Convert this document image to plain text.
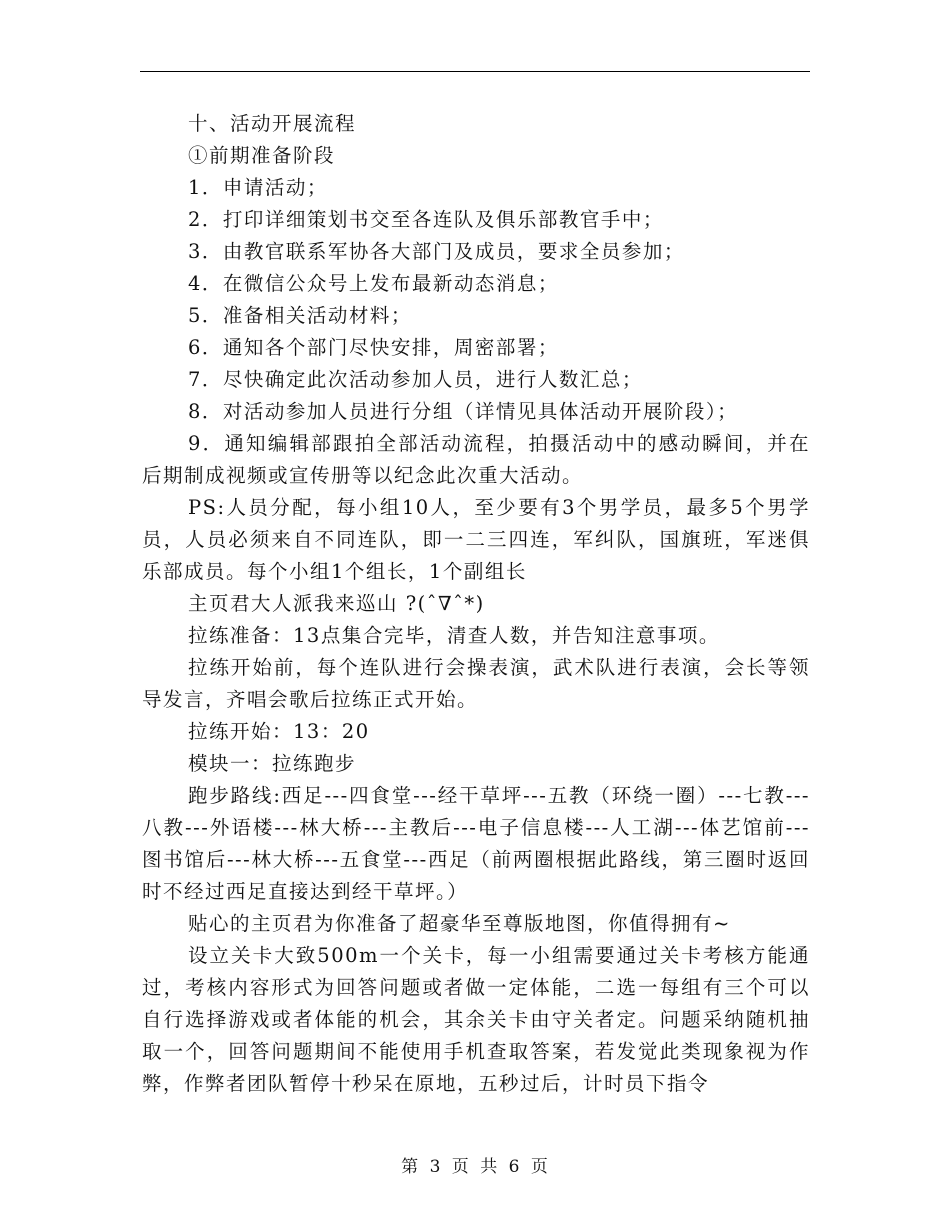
十、活动开展流程

①前期准备阶段

1．申请活动；

2．打印详细策划书交至各连队及俱乐部教官手中；

3．由教官联系军协各大部门及成员，要求全员参加；

4．在微信公众号上发布最新动态消息；

5．准备相关活动材料；

6．通知各个部门尽快安排，周密部署；

7．尽快确定此次活动参加人员，进行人数汇总；

8．对活动参加人员进行分组（详情见具体活动开展阶段）；

9．通知编辑部跟拍全部活动流程，拍摄活动中的感动瞬间，并在后期制成视频或宣传册等以纪念此次重大活动。

PS:人员分配，每小组10人，至少要有3个男学员，最多5个男学员，人员必须来自不同连队，即一二三四连，军纠队，国旗班，军迷俱乐部成员。每个小组1个组长，1个副组长

主页君大人派我来巡山 ?(ˆ∇ˆ*)

拉练准备：13点集合完毕，清查人数，并告知注意事项。

拉练开始前，每个连队进行会操表演，武术队进行表演，会长等领导发言，齐唱会歌后拉练正式开始。

拉练开始：13：20

模块一：拉练跑步

跑步路线:西足---四食堂---经干草坪---五教（环绕一圈）---七教---八教---外语楼---林大桥---主教后---电子信息楼---人工湖---体艺馆前---图书馆后---林大桥---五食堂---西足（前两圈根据此路线，第三圈时返回时不经过西足直接达到经干草坪。）

贴心的主页君为你准备了超豪华至尊版地图，你值得拥有~

设立关卡大致500m一个关卡，每一小组需要通过关卡考核方能通过，考核内容形式为回答问题或者做一定体能，二选一每组有三个可以自行选择游戏或者体能的机会，其余关卡由守关者定。问题采纳随机抽取一个，回答问题期间不能使用手机查取答案，若发觉此类现象视为作弊，作弊者团队暂停十秒呆在原地，五秒过后，计时员下指令

第 3 页 共 6 页
